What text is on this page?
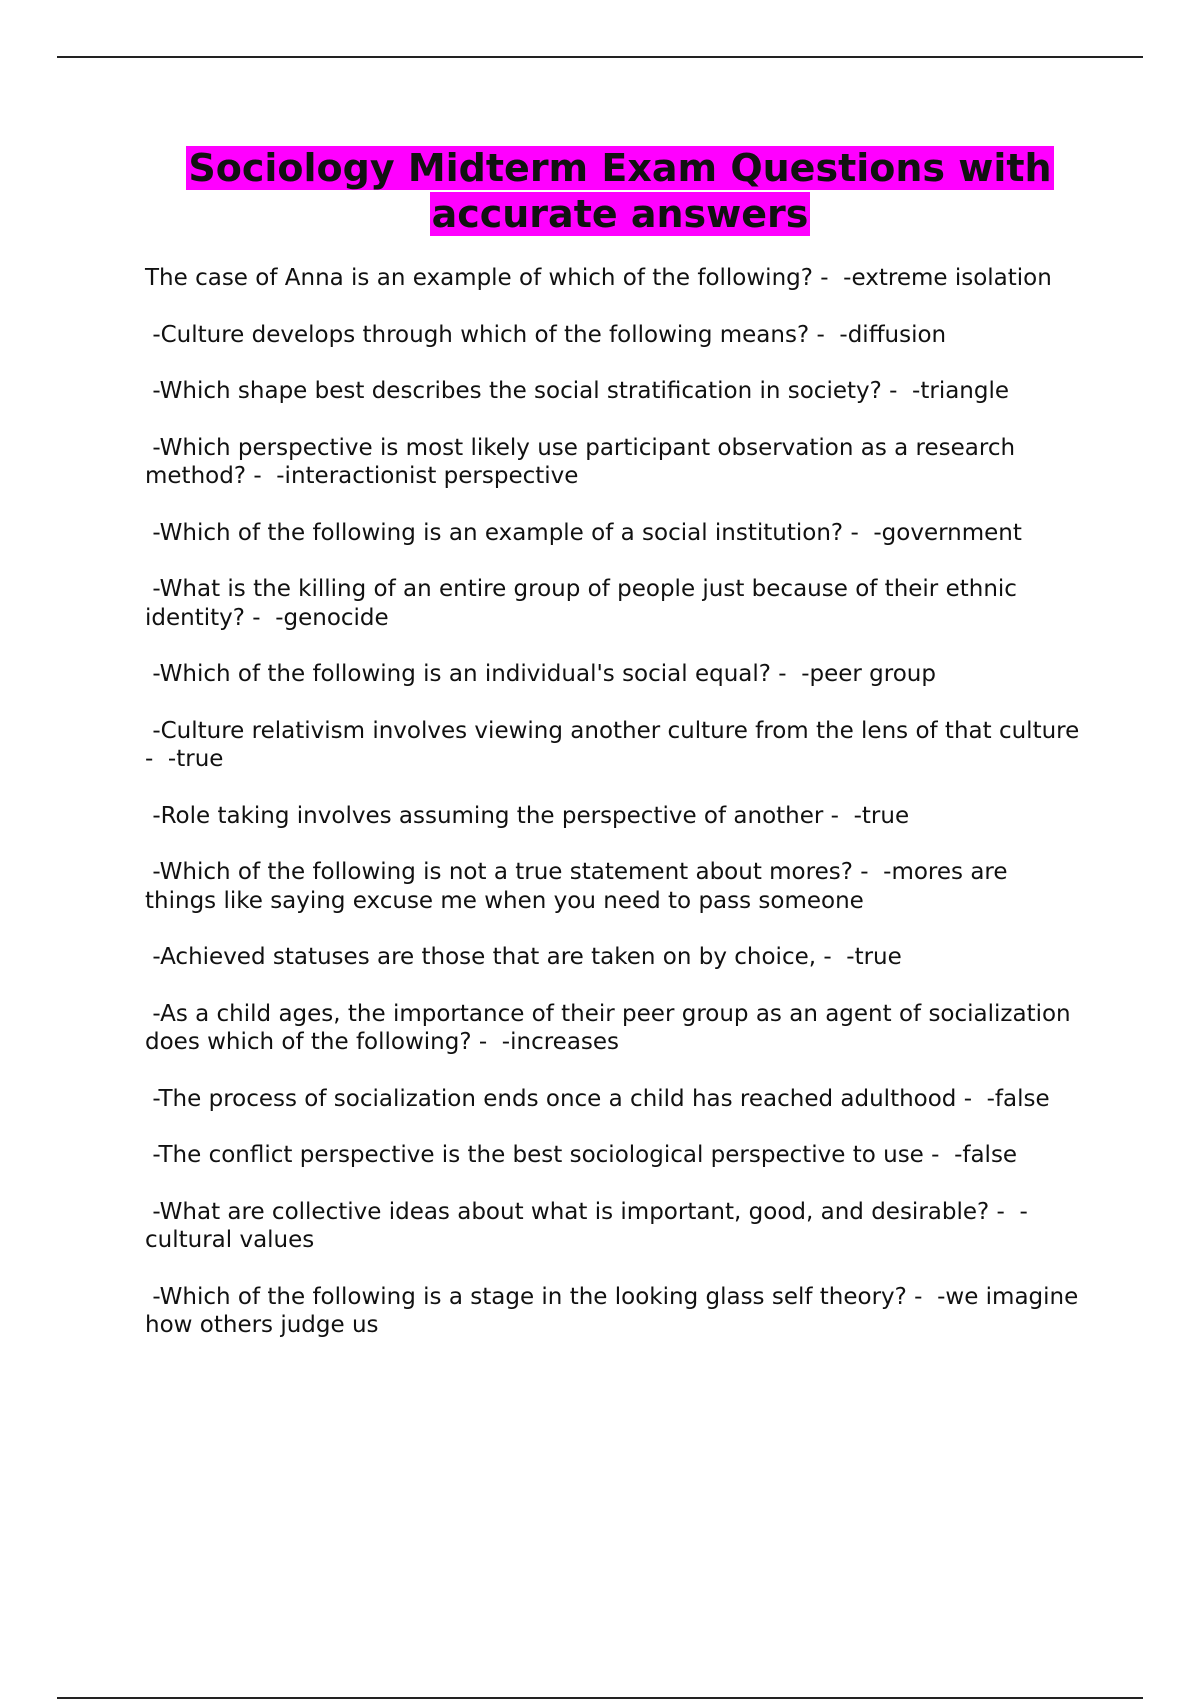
Sociology Midterm Exam Questions with accurate answers
The case of Anna is an example of which of the following? -  -extreme isolation
-Culture develops through which of the following means? -  -diffusion
-Which shape best describes the social stratification in society? -  -triangle
-Which perspective is most likely use participant observation as a research method? -  -interactionist perspective
-Which of the following is an example of a social institution? -  -government
-What is the killing of an entire group of people just because of their ethnic identity? -  -genocide
-Which of the following is an individual's social equal? -  -peer group
-Culture relativism involves viewing another culture from the lens of that culture -  -true
-Role taking involves assuming the perspective of another -  -true
-Which of the following is not a true statement about mores? -  -mores are things like saying excuse me when you need to pass someone
-Achieved statuses are those that are taken on by choice, -  -true
-As a child ages, the importance of their peer group as an agent of socialization does which of the following? -  -increases
-The process of socialization ends once a child has reached adulthood -  -false
-The conflict perspective is the best sociological perspective to use -  -false
-What are collective ideas about what is important, good, and desirable? -  -cultural values
-Which of the following is a stage in the looking glass self theory? -  -we imagine how others judge us
